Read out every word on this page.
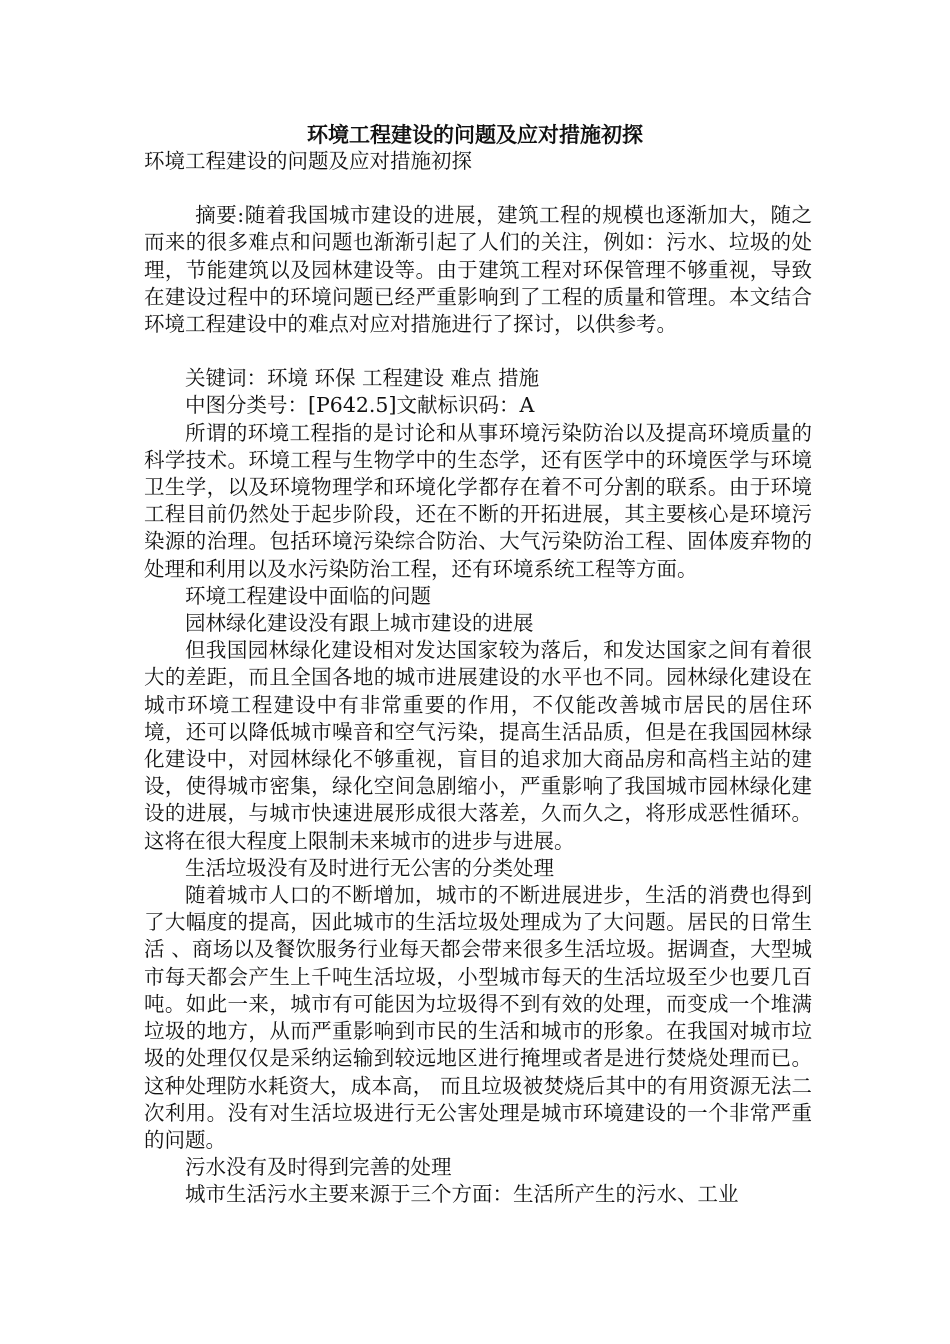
环境工程建设的问题及应对措施初探

环境工程建设的问题及应对措施初探

摘要:随着我国城市建设的进展，建筑工程的规模也逐渐加大，随之而来的很多难点和问题也渐渐引起了人们的关注，例如：污水、垃圾的处理，节能建筑以及园林建设等。由于建筑工程对环保管理不够重视，导致在建设过程中的环境问题已经严重影响到了工程的质量和管理。本文结合环境工程建设中的难点对应对措施进行了探讨，以供参考。

关键词：环境 环保 工程建设 难点 措施

中图分类号：[P642.5]文献标识码：A

所谓的环境工程指的是讨论和从事环境污染防治以及提高环境质量的科学技术。环境工程与生物学中的生态学，还有医学中的环境医学与环境卫生学，以及环境物理学和环境化学都存在着不可分割的联系。由于环境工程目前仍然处于起步阶段，还在不断的开拓进展，其主要核心是环境污染源的治理。包括环境污染综合防治、大气污染防治工程、固体废弃物的处理和利用以及水污染防治工程，还有环境系统工程等方面。

环境工程建设中面临的问题

园林绿化建设没有跟上城市建设的进展

但我国园林绿化建设相对发达国家较为落后，和发达国家之间有着很大的差距，而且全国各地的城市进展建设的水平也不同。园林绿化建设在城市环境工程建设中有非常重要的作用，不仅能改善城市居民的居住环境，还可以降低城市噪音和空气污染，提高生活品质，但是在我国园林绿化建设中，对园林绿化不够重视，盲目的追求加大商品房和高档主站的建设，使得城市密集，绿化空间急剧缩小，严重影响了我国城市园林绿化建设的进展，与城市快速进展形成很大落差，久而久之，将形成恶性循环。这将在很大程度上限制未来城市的进步与进展。

生活垃圾没有及时进行无公害的分类处理

随着城市人口的不断增加，城市的不断进展进步，生活的消费也得到了大幅度的提高，因此城市的生活垃圾处理成为了大问题。居民的日常生活 、商场以及餐饮服务行业每天都会带来很多生活垃圾。据调查，大型城市每天都会产生上千吨生活垃圾，小型城市每天的生活垃圾至少也要几百吨。如此一来，城市有可能因为垃圾得不到有效的处理，而变成一个堆满垃圾的地方，从而严重影响到市民的生活和城市的形象。在我国对城市垃圾的处理仅仅是采纳运输到较远地区进行掩埋或者是进行焚烧处理而已。这种处理防水耗资大，成本高， 而且垃圾被焚烧后其中的有用资源无法二次利用。没有对生活垃圾进行无公害处理是城市环境建设的一个非常严重的问题。

污水没有及时得到完善的处理

城市生活污水主要来源于三个方面：生活所产生的污水、工业
